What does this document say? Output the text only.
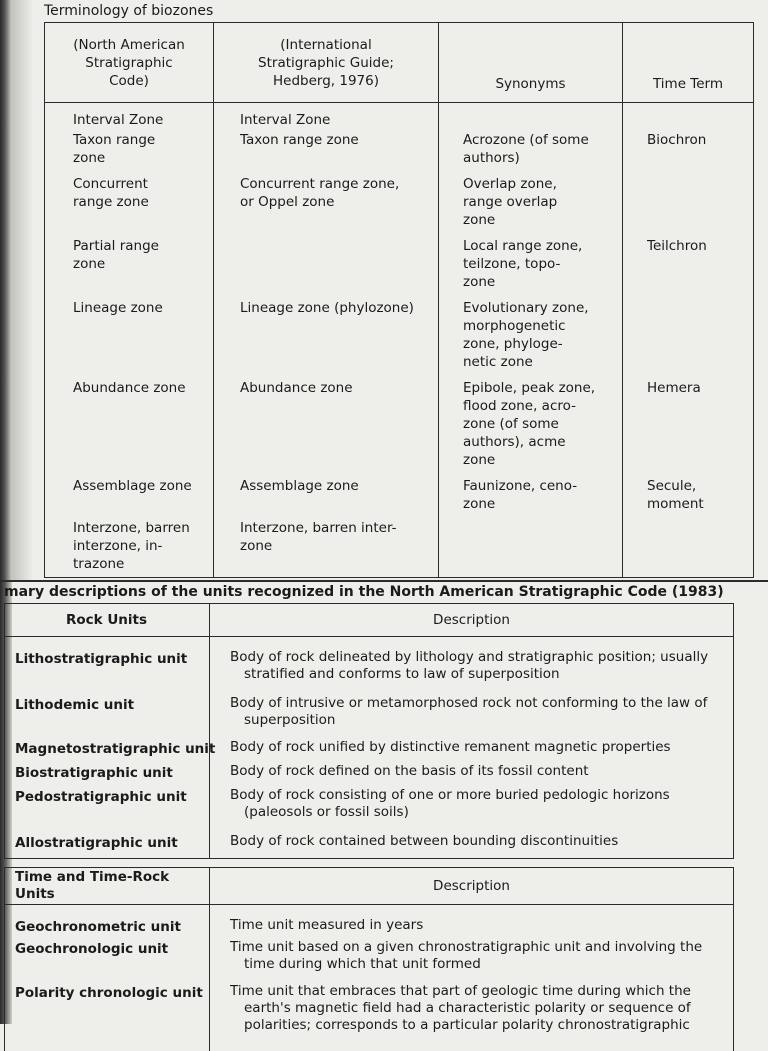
Terminology of biozones
(North American
Stratigraphic
Code)	(International
Stratigraphic Guide;
Hedberg, 1976)	Synonyms	Time Term

Interval Zone	Interval Zone		

Taxon range
zone	Taxon range zone	Acrozone (of some
authors)	Biochron

Concurrent
range zone	Concurrent range zone,
or Oppel zone	Overlap zone,
range overlap
zone	

Partial range
zone		Local range zone,
teilzone, topo-
zone	Teilchron

Lineage zone	Lineage zone (phylozone)	Evolutionary zone,
morphogenetic
zone, phyloge-
netic zone	

Abundance zone	Abundance zone	Epibole, peak zone,
flood zone, acro-
zone (of some
authors), acme
zone	Hemera

Assemblage zone	Assemblage zone	Faunizone, ceno-
zone	Secule,
moment

Interzone, barren
interzone, in-
trazone	Interzone, barren inter-
zone		

mary descriptions of the units recognized in the North American Stratigraphic Code (1983)
Rock Units	Description
Lithostratigraphic unit	Body of rock delineated by lithology and stratigraphic position; usually stratified and conforms to law of superposition

Lithodemic unit	Body of intrusive or metamorphosed rock not conforming to the law of superposition

Magnetostratigraphic unit	Body of rock unified by distinctive remanent magnetic properties

Biostratigraphic unit	Body of rock defined on the basis of its fossil content

Pedostratigraphic unit	Body of rock consisting of one or more buried pedologic horizons (paleosols or fossil soils)

Allostratigraphic unit	Body of rock contained between bounding discontinuities
Time and Time-Rock Units	Description
Geochronometric unit	Time unit measured in years

Geochronologic unit	Time unit based on a given chronostratigraphic unit and involving the time during which that unit formed

Polarity chronologic unit	Time unit that embraces that part of geologic time during which the earth's magnetic field had a characteristic polarity or sequence of polarities; corresponds to a particular polarity chronostratigraphic
